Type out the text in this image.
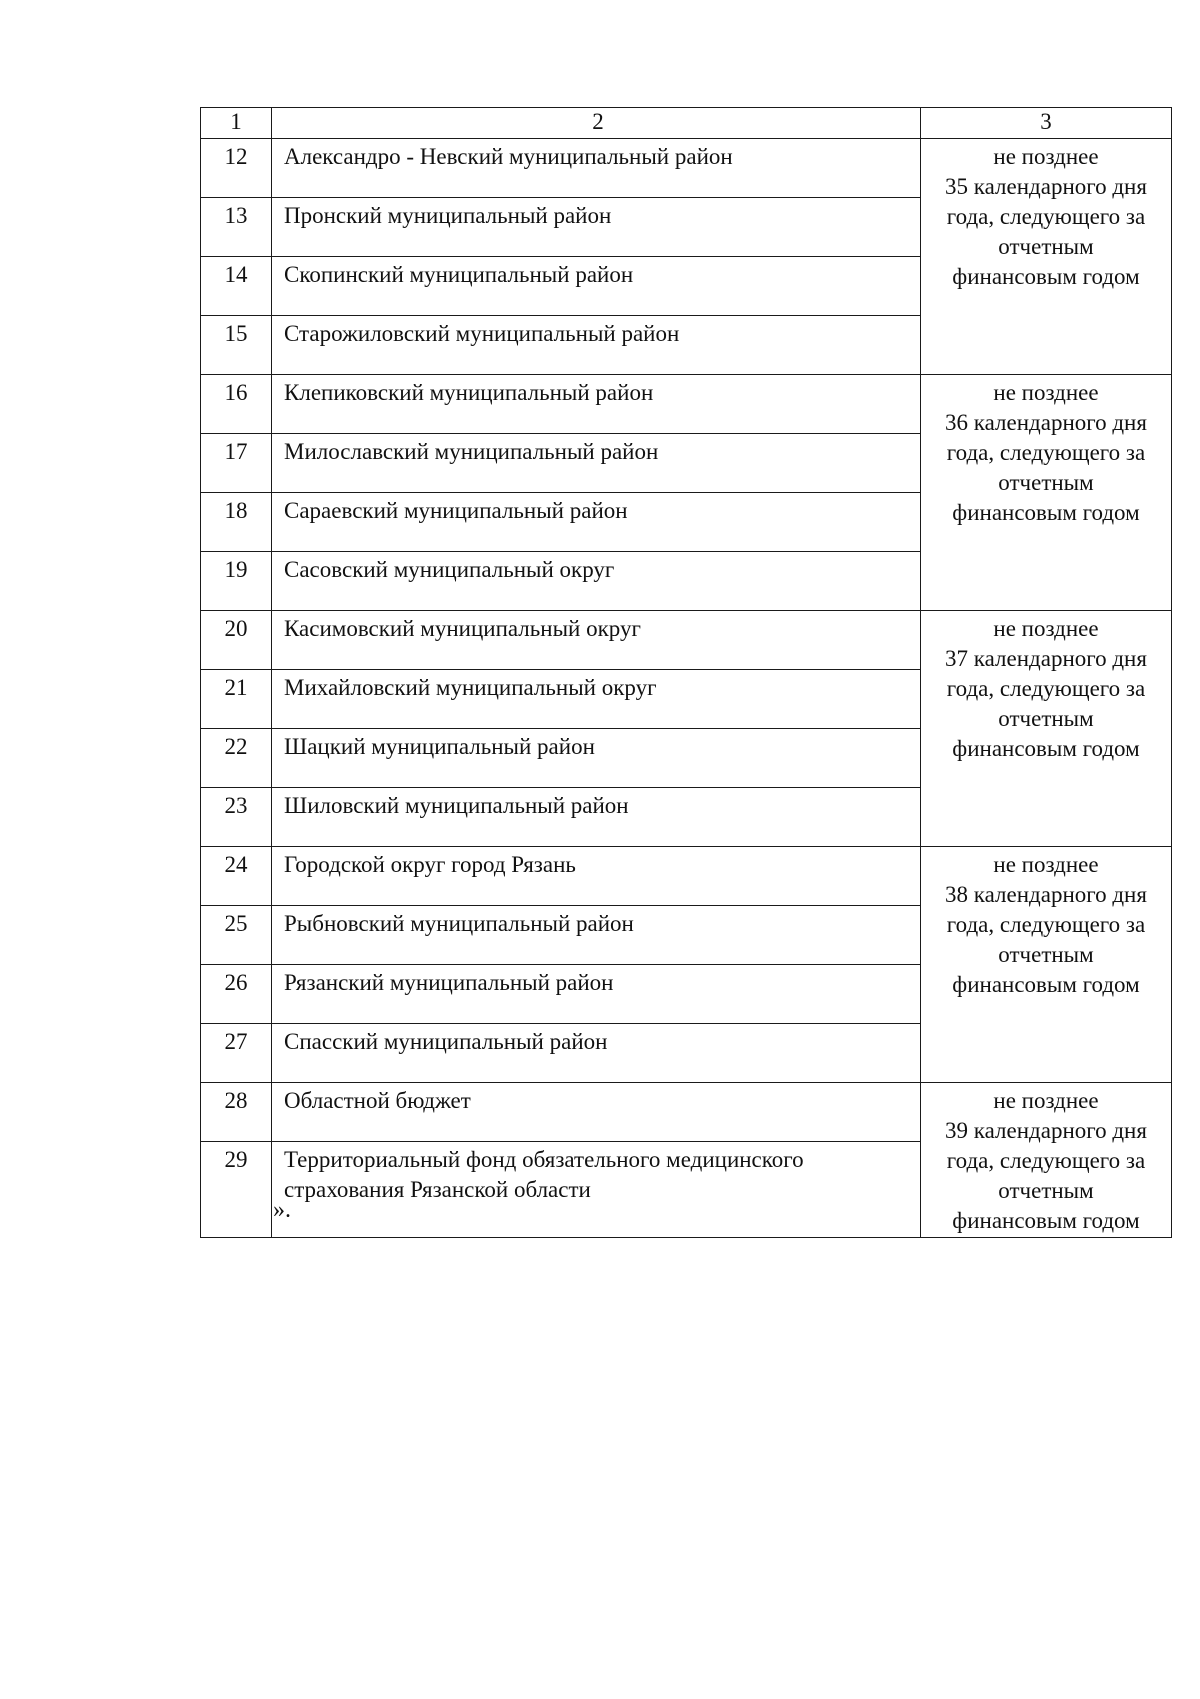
1	2	3
12	Александро - Невский муниципальный район	не позднее
35 календарного дня
года, следующего за
отчетным
финансовым годом

13	Пронский муниципальный район	
14	Скопинский муниципальный район	
15	Старожиловский муниципальный район	
16	Клепиковский муниципальный район	не позднее
36 календарного дня
года, следующего за
отчетным
финансовым годом

17	Милославский муниципальный район	
18	Сараевский муниципальный район	
19	Сасовский муниципальный округ	
20	Касимовский муниципальный округ	не позднее
37 календарного дня
года, следующего за
отчетным
финансовым годом

21	Михайловский муниципальный округ	
22	Шацкий муниципальный район	
23	Шиловский муниципальный район	
24	Городской округ город Рязань	не позднее
38 календарного дня
года, следующего за
отчетным
финансовым годом

25	Рыбновский муниципальный район	
26	Рязанский муниципальный район	
27	Спасский муниципальный район	
28	Областной бюджет	не позднее
39 календарного дня
года, следующего за
отчетным
финансовым годом

29	Территориальный фонд обязательного медицинского страхования Рязанской области	
».
